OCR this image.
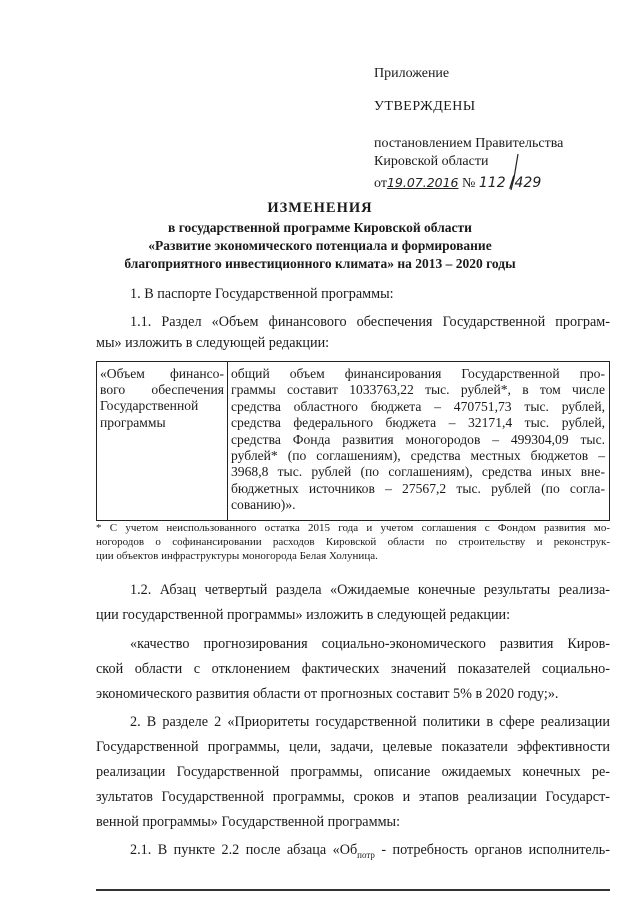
Приложение
УТВЕРЖДЕНЫ
постановлением Правительства
Кировской области
от19.07.2016 № 112 /429
ИЗМЕНЕНИЯ
в государственной программе Кировской области
«Развитие экономического потенциала и формирование
благоприятного инвестиционного климата» на 2013 – 2020 годы
1. В паспорте Государственной программы:
1.1. Раздел «Объем финансового обеспечения Государственной програм-
мы» изложить в следующей редакции:
«Объем финансо-
вого обеспечения
Государственной
программы
общий объем финансирования Государственной про-
граммы составит 1033763,22 тыс. рублей*, в том числе
средства областного бюджета – 470751,73 тыс. рублей,
средства федерального бюджета – 32171,4 тыс. рублей,
средства Фонда развития моногородов – 499304,09 тыс.
рублей* (по соглашениям), средства местных бюджетов –
3968,8 тыс. рублей (по соглашениям), средства иных вне-
бюджетных источников – 27567,2 тыс. рублей (по согла-
сованию)».
* С учетом неиспользованного остатка 2015 года и учетом соглашения с Фондом развития мо-
ногородов о софинансировании расходов Кировской области по строительству и реконструк-
ции объектов инфраструктуры моногорода Белая Холуница.
1.2. Абзац четвертый раздела «Ожидаемые конечные результаты реализа-
ции государственной программы» изложить в следующей редакции:
«качество прогнозирования социально-экономического развития Киров-
ской области с отклонением фактических значений показателей социально-
экономического развития области от прогнозных составит 5% в 2020 году;».
2. В разделе 2 «Приоритеты государственной политики в сфере реализации
Государственной программы, цели, задачи, целевые показатели эффективности
реализации Государственной программы, описание ожидаемых конечных ре-
зультатов Государственной программы, сроков и этапов реализации Государст-
венной программы» Государственной программы:
2.1. В пункте 2.2 после абзаца «$Об_{потр}$ - потребность органов исполнитель-
